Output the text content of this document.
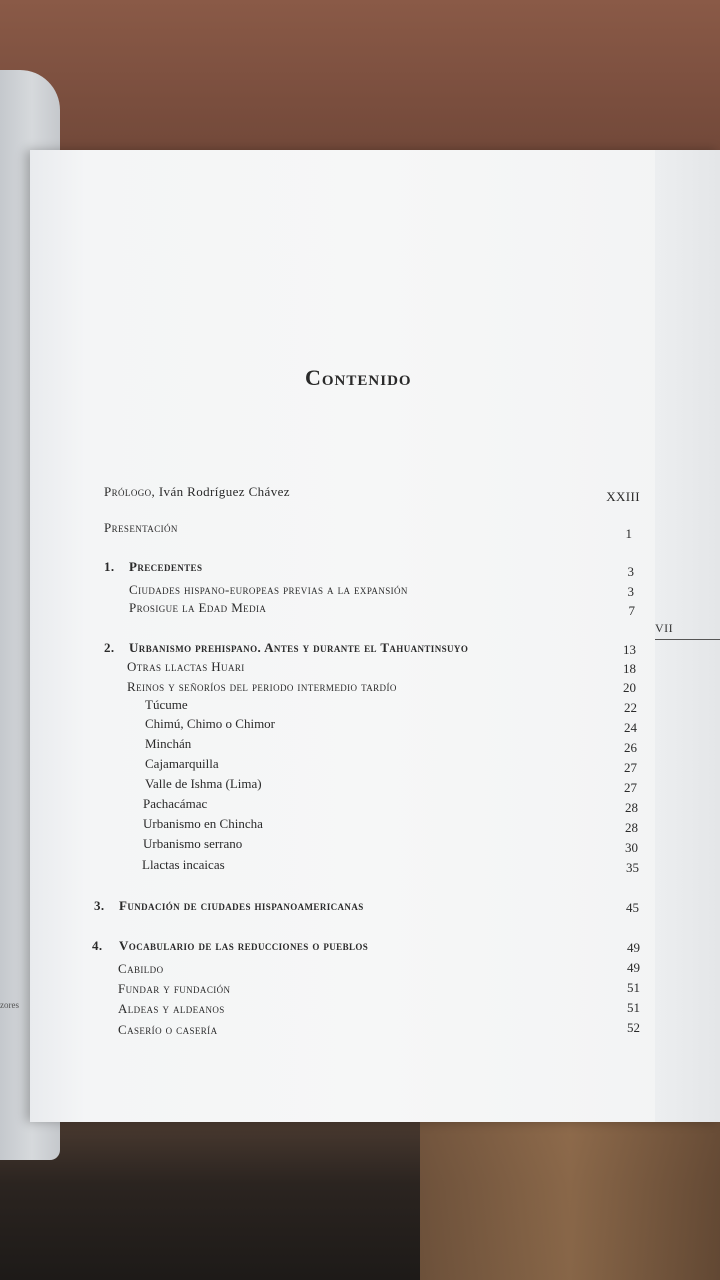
zores
VII
Contenido
Prólogo, Iván Rodríguez Chávez	XXIII
Presentación	1
1. Precedentes	3
Ciudades hispano-europeas previas a la expansión	3
Prosigue la Edad Media	7
2. Urbanismo prehispano. Antes y durante el Tahuantinsuyo	13
Otras llactas Huari	18
Reinos y señoríos del periodo intermedio tardío	20
Túcume	22
Chimú, Chimo o Chimor	24
Minchán	26
Cajamarquilla	27
Valle de Ishma (Lima)	27
Pachacámac	28
Urbanismo en Chincha	28
Urbanismo serrano	30
Llactas incaicas	35
3. Fundación de ciudades hispanoamericanas	45
4. Vocabulario de las reducciones o pueblos	49
Cabildo	49
Fundar y fundación	51
Aldeas y aldeanos	51
Caserío o casería	52
